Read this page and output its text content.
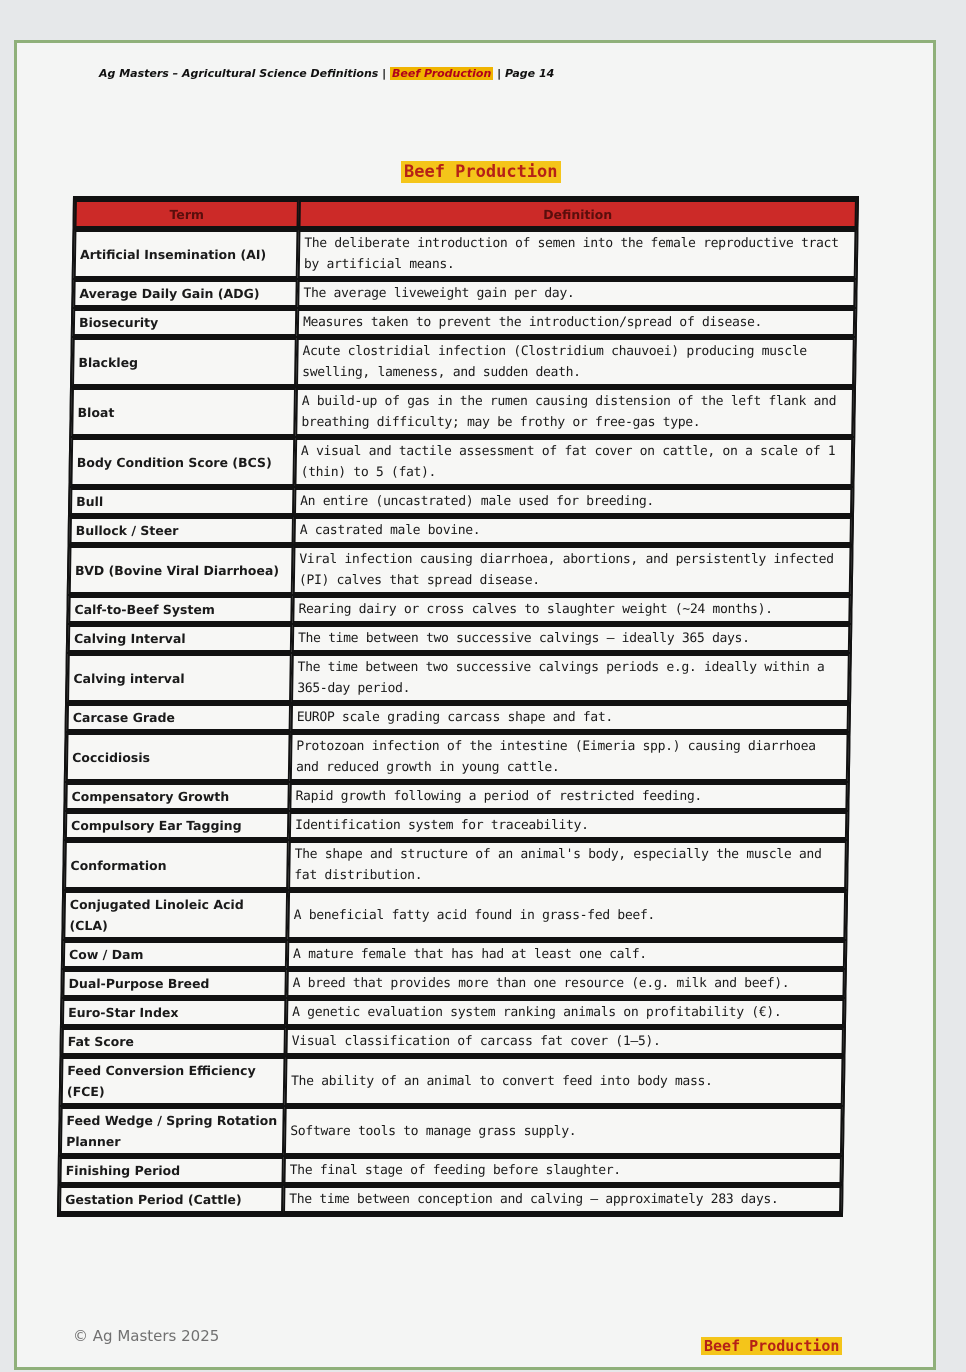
Ag Masters – Agricultural Science Definitions | Beef Production | Page 14
Beef Production
Term	Definition
Artificial Insemination (AI)	The deliberate introduction of semen into the female reproductive tract by artificial means.
Average Daily Gain (ADG)	The average liveweight gain per day.
Biosecurity	Measures taken to prevent the introduction/spread of disease.
Blackleg	Acute clostridial infection (Clostridium chauvoei) producing muscle swelling, lameness, and sudden death.
Bloat	A build-up of gas in the rumen causing distension of the left flank and breathing difficulty; may be frothy or free-gas type.
Body Condition Score (BCS)	A visual and tactile assessment of fat cover on cattle, on a scale of 1 (thin) to 5 (fat).
Bull	An entire (uncastrated) male used for breeding.
Bullock / Steer	A castrated male bovine.
BVD (Bovine Viral Diarrhoea)	Viral infection causing diarrhoea, abortions, and persistently infected (PI) calves that spread disease.
Calf-to-Beef System	Rearing dairy or cross calves to slaughter weight (~24 months).
Calving Interval	The time between two successive calvings – ideally 365 days.
Calving interval	The time between two successive calvings periods e.g. ideally within a 365-day period.
Carcase Grade	EUROP scale grading carcass shape and fat.
Coccidiosis	Protozoan infection of the intestine (Eimeria spp.) causing diarrhoea and reduced growth in young cattle.
Compensatory Growth	Rapid growth following a period of restricted feeding.
Compulsory Ear Tagging	Identification system for traceability.
Conformation	The shape and structure of an animal's body, especially the muscle and fat distribution.
Conjugated Linoleic Acid (CLA)	A beneficial fatty acid found in grass-fed beef.
Cow / Dam	A mature female that has had at least one calf.
Dual-Purpose Breed	A breed that provides more than one resource (e.g. milk and beef).
Euro-Star Index	A genetic evaluation system ranking animals on profitability (€).
Fat Score	Visual classification of carcass fat cover (1–5).
Feed Conversion Efficiency (FCE)	The ability of an animal to convert feed into body mass.
Feed Wedge / Spring Rotation Planner	Software tools to manage grass supply.
Finishing Period	The final stage of feeding before slaughter.
Gestation Period (Cattle)	The time between conception and calving – approximately 283 days.
© Ag Masters 2025
Beef Production
